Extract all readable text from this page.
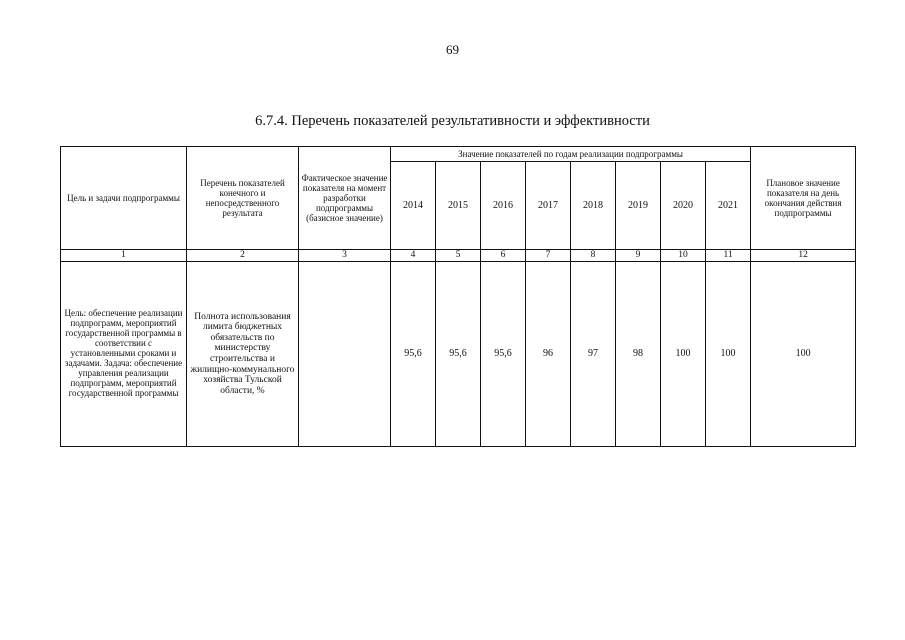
69
6.7.4. Перечень показателей результативности и эффективности
Цель и задачи подпрограммы	Перечень показателей конечного и непосредственного результата	Фактическое значение показателя на момент разработки подпрограммы (базисное значение)	Значение показателей по годам реализации подпрограммы								Плановое значение показателя на день окончания действия подпрограммы
			2014	2015	2016	2017	2018	2019	2020	2021	
1	2	3	4	5	6	7	8	9	10	11	12
Цель: обеспечение реализации подпрограмм, мероприятий государственной программы в соответствии с установленными сроками и задачами. Задача: обеспечение управления реализации подпрограмм, мероприятий государственной программы	Полнота использования лимита бюджетных обязательств по министерству строительства и жилищно-коммунального хозяйства Тульской области, %		95,6	95,6	95,6	96	97	98	100	100	100
